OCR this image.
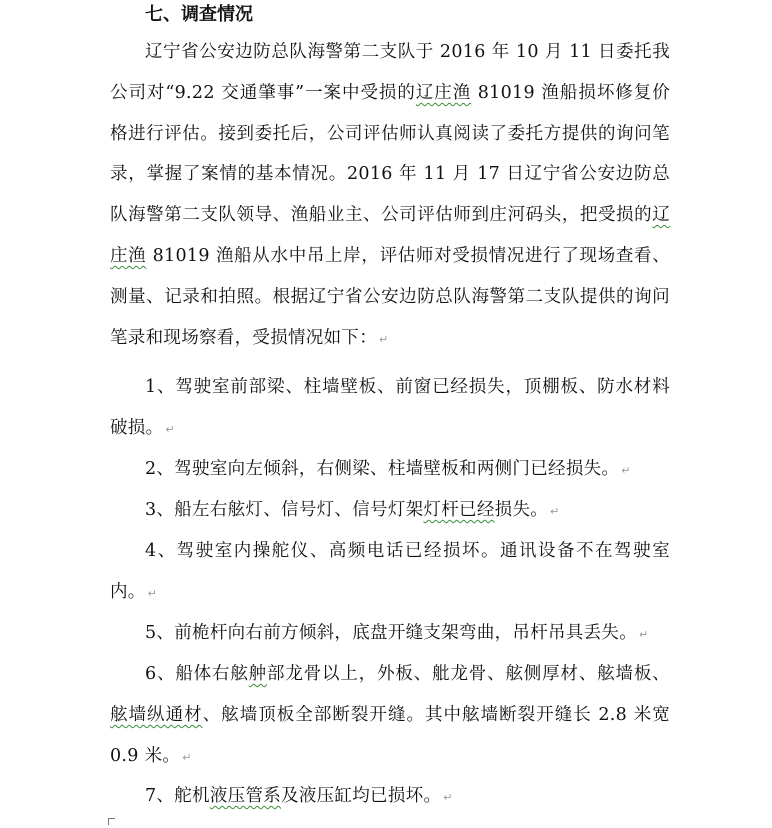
七、调查情况
辽宁省公安边防总队海警第二支队于 2016 年 10 月 11 日委托我公司对“9.22 交通肇事”一案中受损的辽庄渔 81019 渔船损坏修复价格进行评估。接到委托后，公司评估师认真阅读了委托方提供的询问笔录，掌握了案情的基本情况。2016 年 11 月 17 日辽宁省公安边防总队海警第二支队领导、渔船业主、公司评估师到庄河码头，把受损的辽庄渔 81019 渔船从水中吊上岸，评估师对受损情况进行了现场查看、测量、记录和拍照。根据辽宁省公安边防总队海警第二支队提供的询问笔录和现场察看，受损情况如下： ↵
1、驾驶室前部梁、柱墙壁板、前窗已经损失，顶棚板、防水材料破损。 ↵
2、驾驶室向左倾斜，右侧梁、柱墙壁板和两侧门已经损失。 ↵
3、船左右舷灯、信号灯、信号灯架灯杆已经损失。 ↵
4、驾驶室内操舵仪、高频电话已经损坏。通讯设备不在驾驶室内。 ↵
5、前桅杆向右前方倾斜，底盘开缝支架弯曲，吊杆吊具丢失。 ↵
6、船体右舷舯部龙骨以上，外板、舭龙骨、舷侧厚材、舷墙板、舷墙纵通材、舷墙顶板全部断裂开缝。其中舷墙断裂开缝长 2.8 米宽 0.9 米。 ↵
7、舵机液压管系及液压缸均已损坏。 ↵
